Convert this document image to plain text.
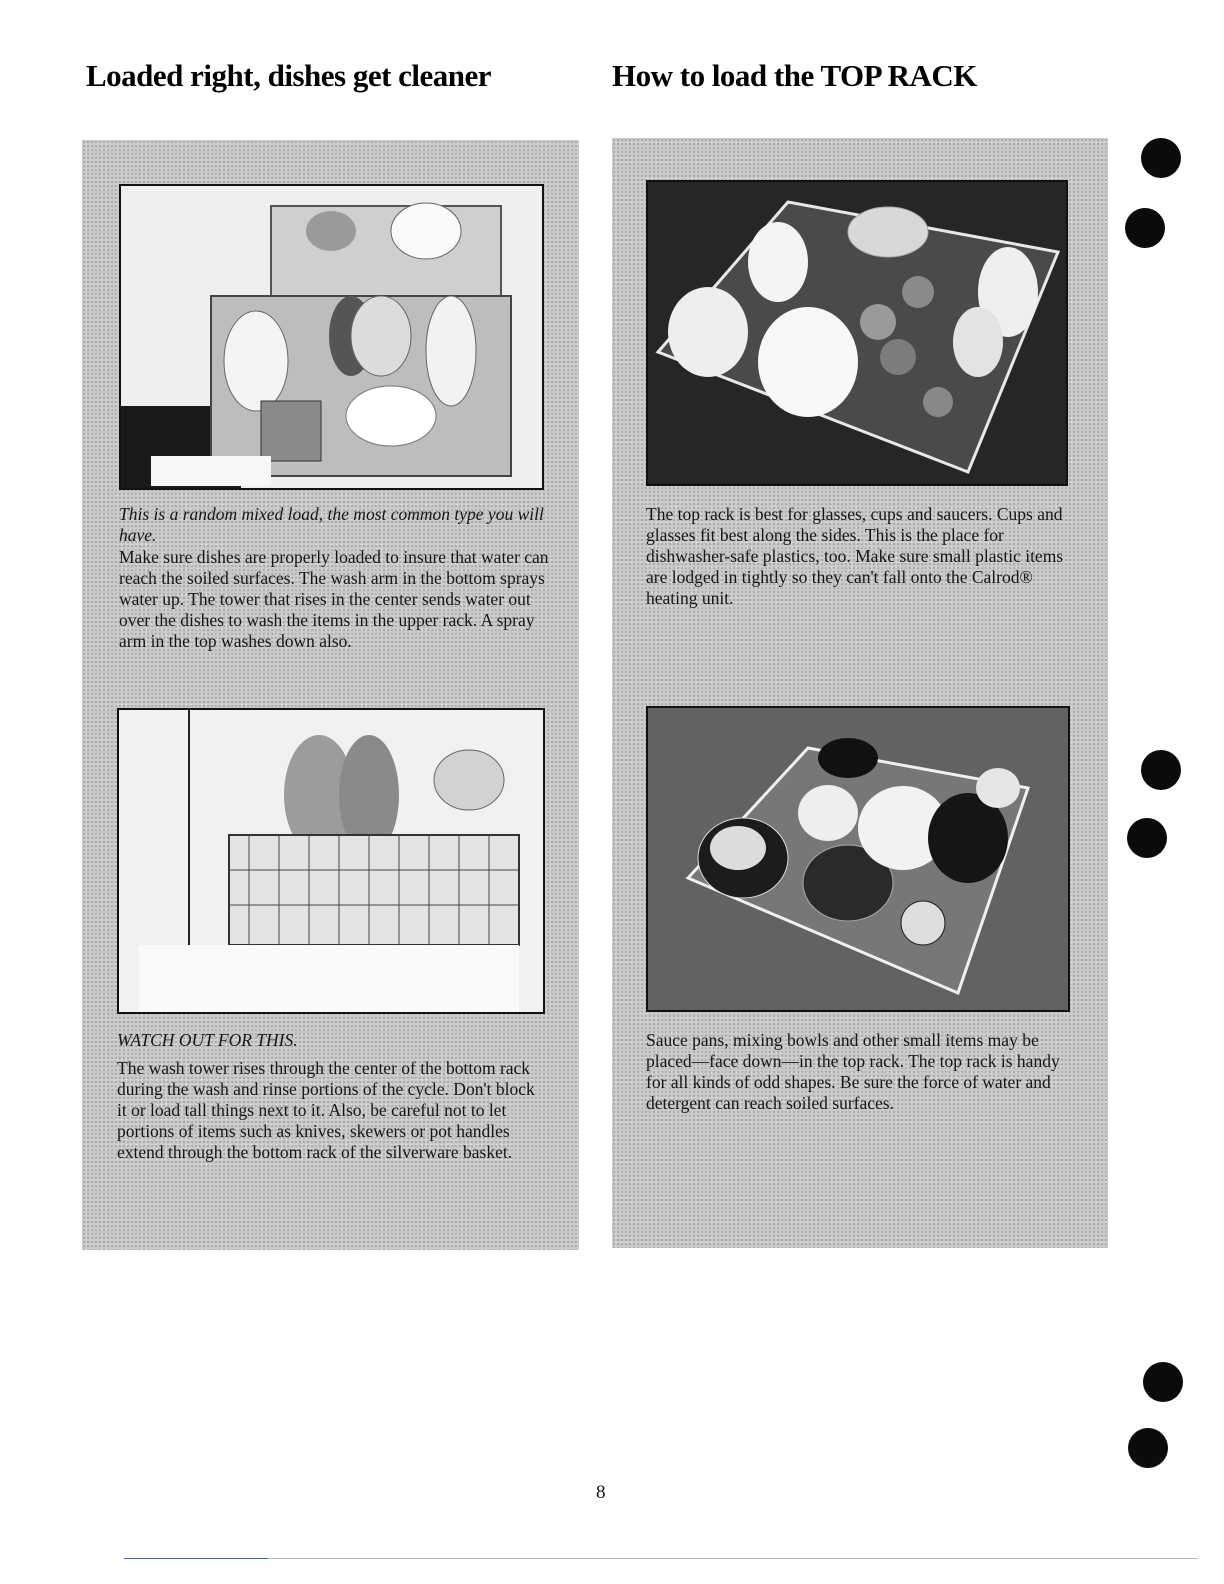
Loaded right, dishes get cleaner	How to load the TOP RACK

This is a random mixed load, the most common type you will have.

Make sure dishes are properly loaded to insure that water can reach the soiled surfaces. The wash arm in the bottom sprays water up. The tower that rises in the center sends water out over the dishes to wash the items in the upper rack. A spray arm in the top washes down also.

WATCH OUT FOR THIS.

The wash tower rises through the center of the bottom rack during the wash and rinse portions of the cycle. Don't block it or load tall things next to it. Also, be careful not to let portions of items such as knives, skewers or pot handles extend through the bottom rack of the silverware basket.

The top rack is best for glasses, cups and saucers. Cups and glasses fit best along the sides. This is the place for dishwasher-safe plastics, too. Make sure small plastic items are lodged in tightly so they can't fall onto the Calrod® heating unit.

Sauce pans, mixing bowls and other small items may be placed—face down—in the top rack. The top rack is handy for all kinds of odd shapes. Be sure the force of water and detergent can reach soiled surfaces.

8
